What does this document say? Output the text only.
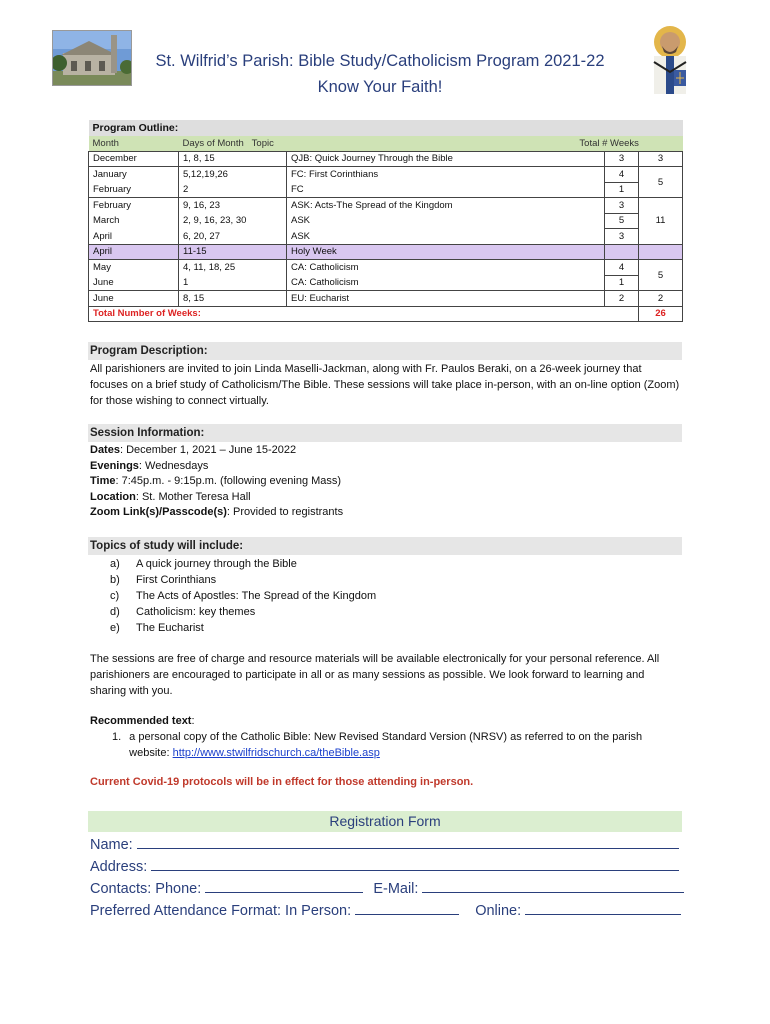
St. Wilfrid’s Parish: Bible Study/Catholicism Program 2021-22
Know Your Faith!
Program Outline:				
Month	Days of Month Topic	Total # Weeks		
December	1, 8, 15	QJB: Quick Journey Through the Bible	3	3
January	5,12,19,26	FC: First Corinthians	4	5
February	2	FC	1	
February	9, 16, 23	ASK: Acts-The Spread of the Kingdom	3	11
March	2, 9, 16, 23, 30	ASK	5	
April	6, 20, 27	ASK	3	
April	11-15	Holy Week		
May	4, 11, 18, 25	CA: Catholicism	4	5
June	1	CA: Catholicism	1	
June	8, 15	EU: Eucharist	2	2
Total Number of Weeks:				26
Program Description:
All parishioners are invited to join Linda Maselli-Jackman, along with Fr. Paulos Beraki, on a 26-week journey that focuses on a brief study of Catholicism/The Bible. These sessions will take place in-person, with an on-line option (Zoom) for those wishing to connect virtually.
Session Information:
Dates: December 1, 2021 – June 15-2022
Evenings: Wednesdays
Time: 7:45p.m. - 9:15p.m. (following evening Mass)
Location: St. Mother Teresa Hall
Zoom Link(s)/Passcode(s): Provided to registrants
Topics of study will include:
a)	A quick journey through the Bible
b)	First Corinthians
c)	The Acts of Apostles: The Spread of the Kingdom
d)	Catholicism: key themes
e)	The Eucharist
The sessions are free of charge and resource materials will be available electronically for your personal reference. All parishioners are encouraged to participate in all or as many sessions as possible. We look forward to learning and sharing with you.
Recommended text:
1. a personal copy of the Catholic Bible: New Revised Standard Version (NRSV) as referred to on the parish website: http://www.stwilfridschurch.ca/theBible.asp
Current Covid-19 protocols will be in effect for those attending in-person.
Registration Form
Name:
Address:
Contacts: Phone:	E-Mail:
Preferred Attendance Format: In Person:	Online:
